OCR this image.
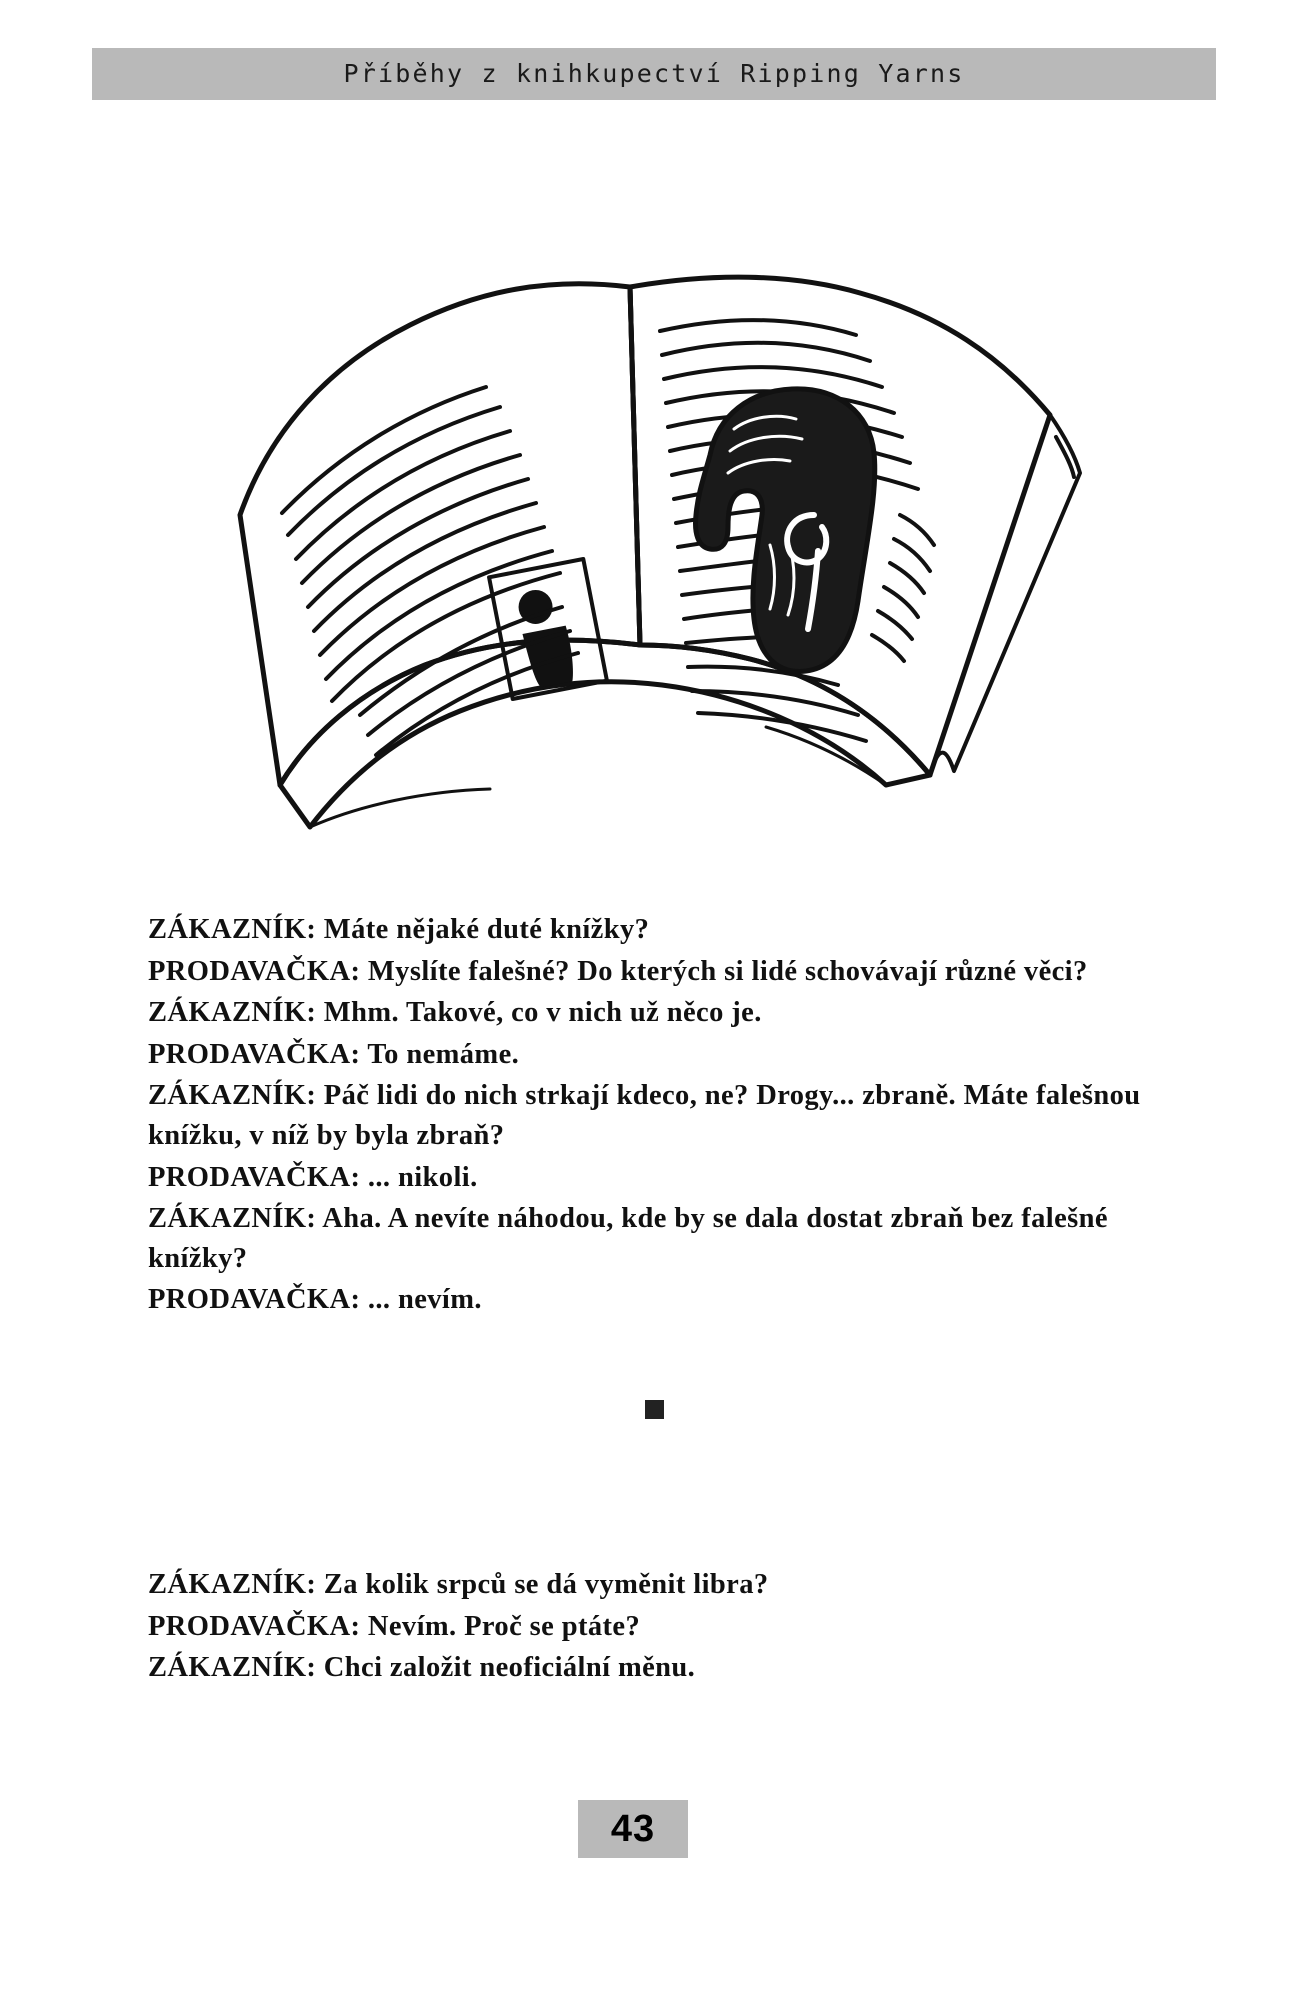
Příběhy z knihkupectví Ripping Yarns

ZÁKAZNÍK: Máte nějaké duté knížky?

PRODAVAČKA: Myslíte falešné? Do kterých si lidé schovávají různé věci?

ZÁKAZNÍK: Mhm. Takové, co v nich už něco je.

PRODAVAČKA: To nemáme.

ZÁKAZNÍK: Páč lidi do nich strkají kdeco, ne? Drogy... zbraně. Máte falešnou knížku, v níž by byla zbraň?

PRODAVAČKA: ... nikoli.

ZÁKAZNÍK: Aha. A nevíte náhodou, kde by se dala dostat zbraň bez falešné knížky?

PRODAVAČKA: ... nevím.

ZÁKAZNÍK: Za kolik srpců se dá vyměnit libra?

PRODAVAČKA: Nevím. Proč se ptáte?

ZÁKAZNÍK: Chci založit neoficiální měnu.

43
